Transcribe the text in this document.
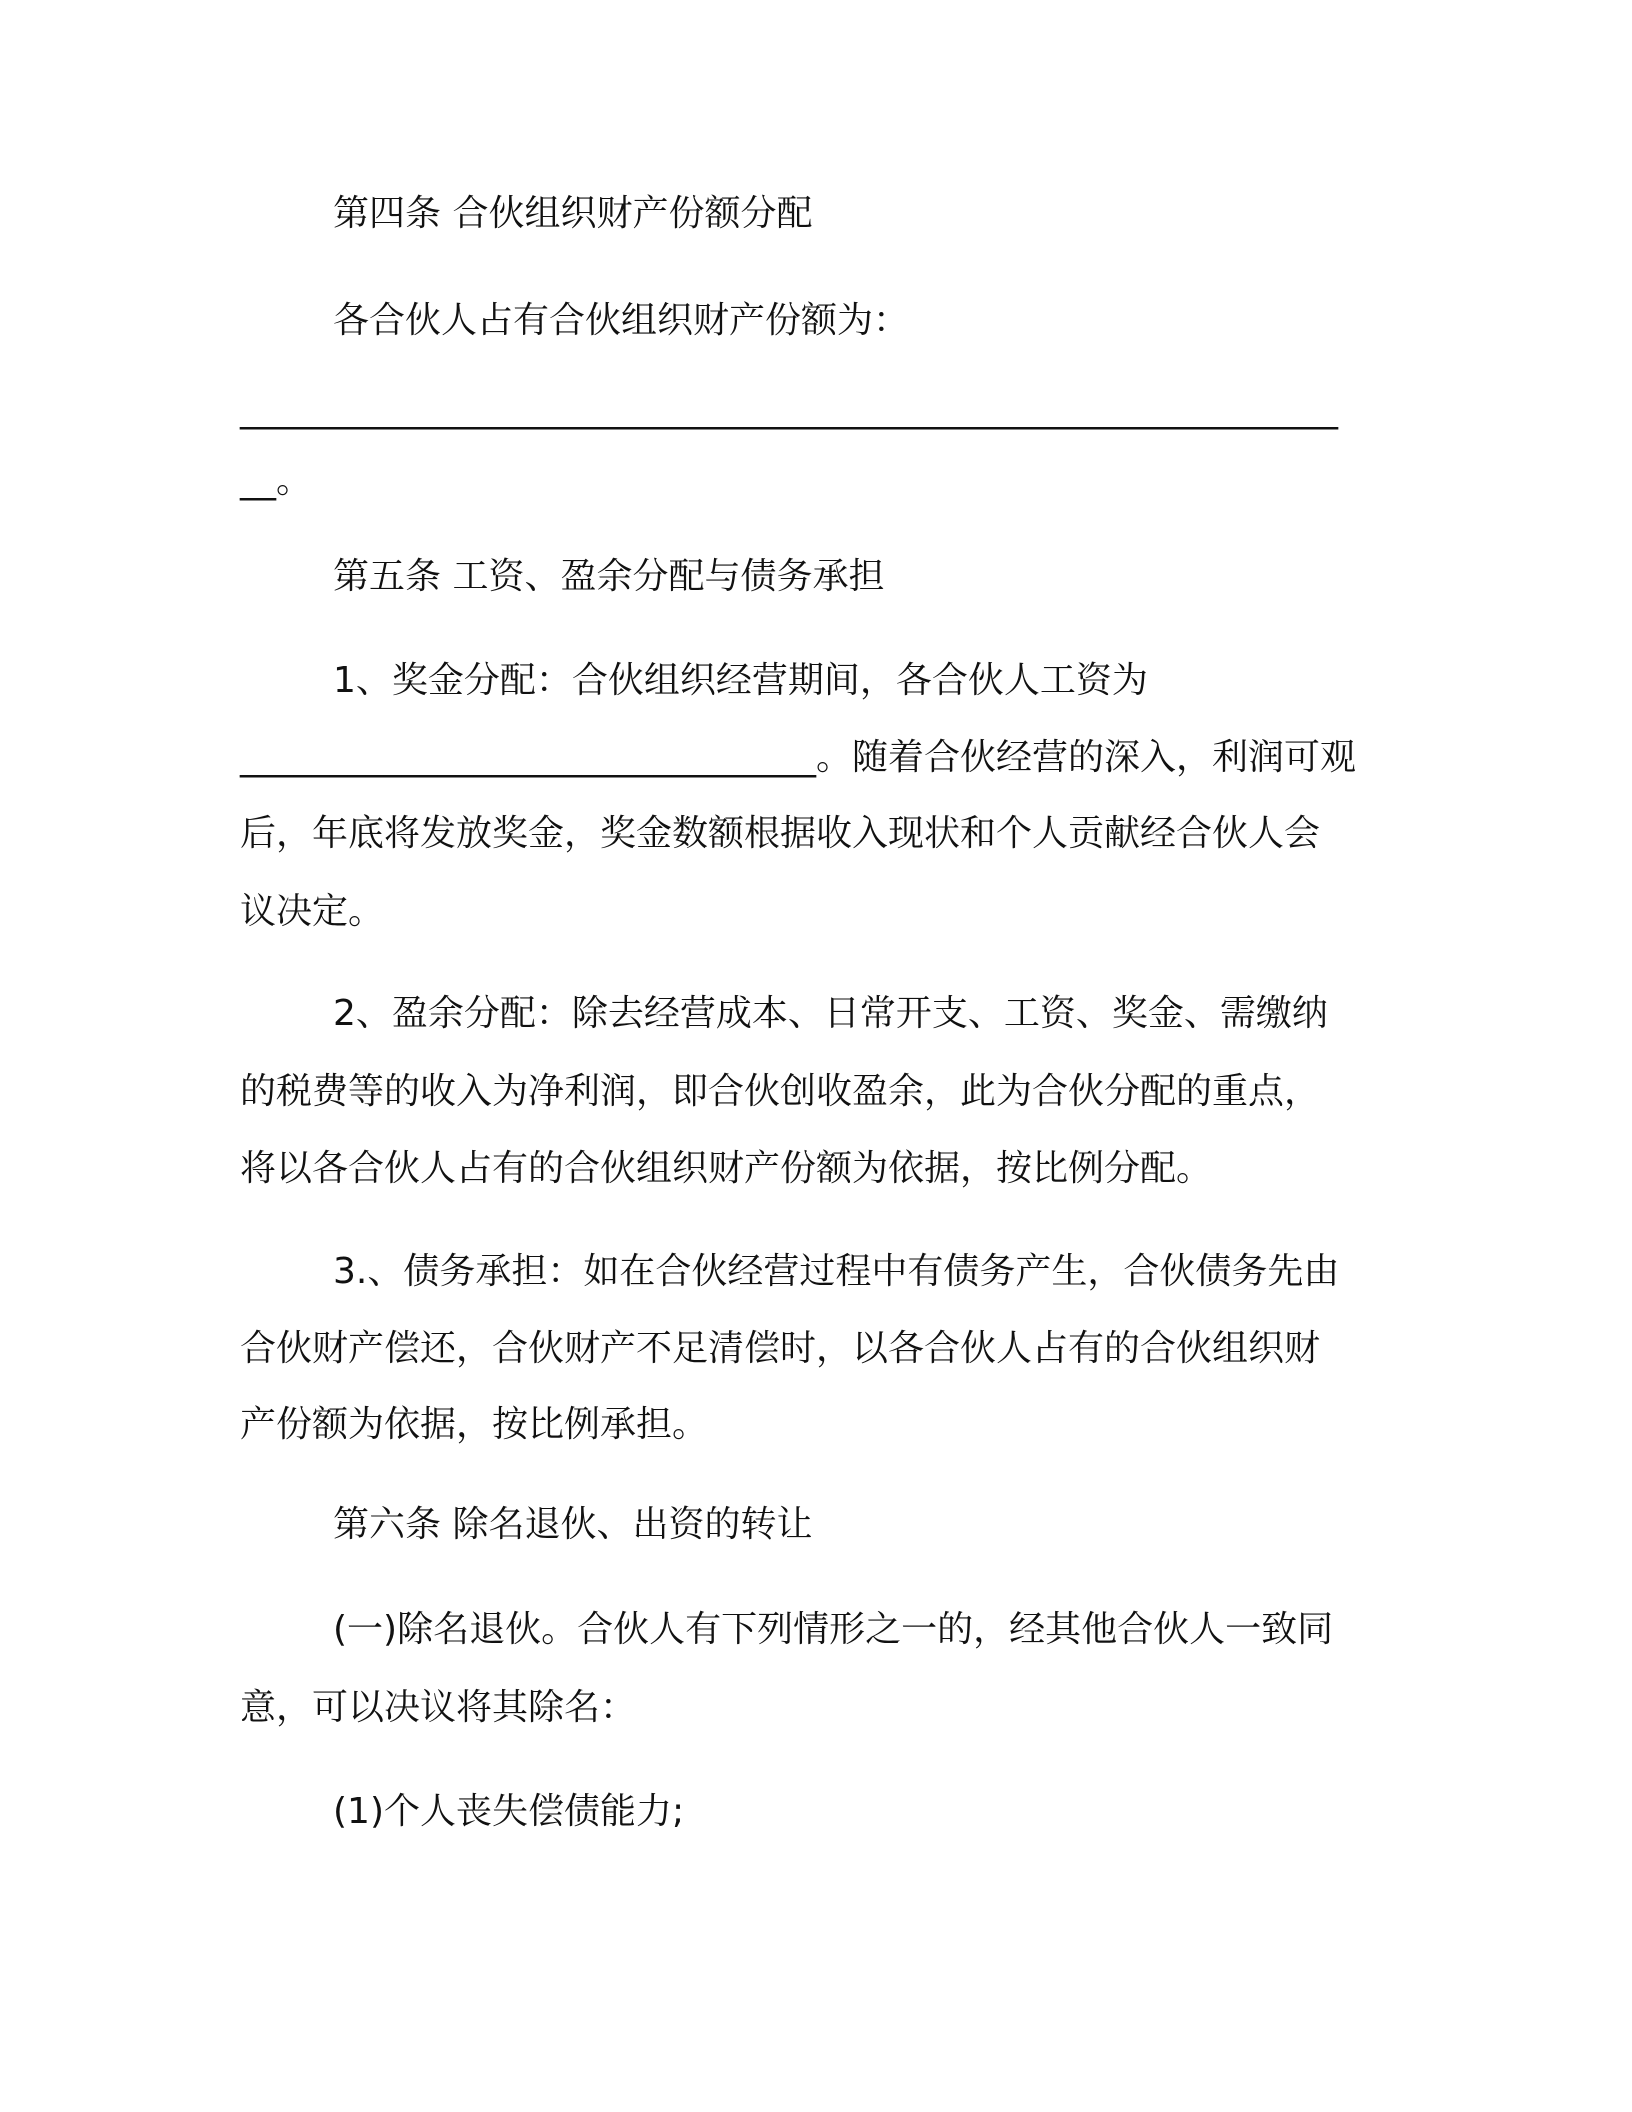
第四条 合伙组织财产份额分配
各合伙人占有合伙组织财产份额为：
_____________________________________________________________
__。
第五条 工资、盈余分配与债务承担
1、奖金分配：合伙组织经营期间，各合伙人工资为
________________________________。随着合伙经营的深入，利润可观
后，年底将发放奖金，奖金数额根据收入现状和个人贡献经合伙人会
议决定。
2、盈余分配：除去经营成本、日常开支、工资、奖金、需缴纳
的税费等的收入为净利润，即合伙创收盈余，此为合伙分配的重点，
将以各合伙人占有的合伙组织财产份额为依据，按比例分配。
3.、债务承担：如在合伙经营过程中有债务产生，合伙债务先由
合伙财产偿还，合伙财产不足清偿时，以各合伙人占有的合伙组织财
产份额为依据，按比例承担。
第六条 除名退伙、出资的转让
(一)除名退伙。合伙人有下列情形之一的，经其他合伙人一致同
意，可以决议将其除名：
(1)个人丧失偿债能力;
